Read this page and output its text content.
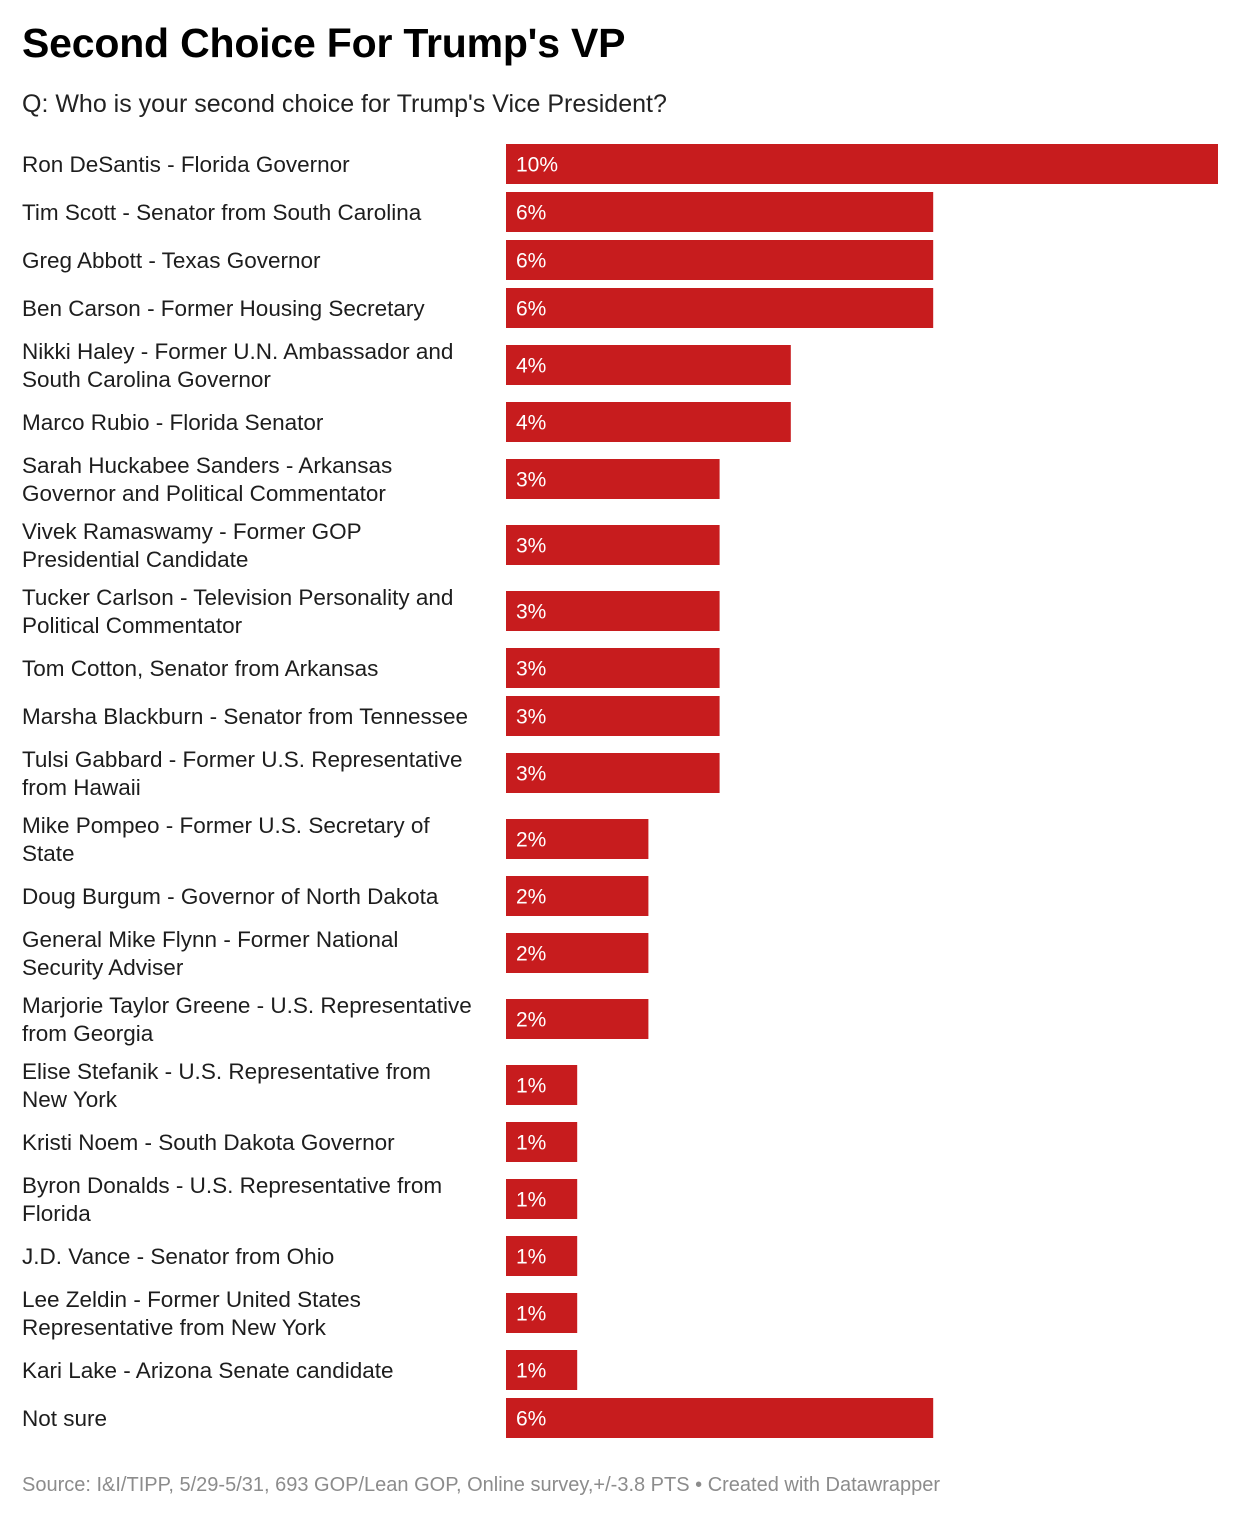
Second Choice For Trump's VP
Q: Who is your second choice for Trump's Vice President?
Ron DeSantis - Florida Governor	10%
Tim Scott - Senator from South Carolina	6%
Greg Abbott - Texas Governor	6%
Ben Carson - Former Housing Secretary	6%
Nikki Haley - Former U.N. Ambassador and South Carolina Governor
4%
Marco Rubio - Florida Senator	4%
Sarah Huckabee Sanders - Arkansas Governor and Political Commentator
3%
Vivek Ramaswamy - Former GOP Presidential Candidate
3%
Tucker Carlson - Television Personality and Political Commentator
3%
Tom Cotton, Senator from Arkansas	3%
Marsha Blackburn - Senator from Tennessee 3%
Tulsi Gabbard - Former U.S. Representative from Hawaii
3%
Mike Pompeo - Former U.S. Secretary of State
2%
Doug Burgum - Governor of North Dakota	2%
General Mike Flynn - Former National Security Adviser
2%
Marjorie Taylor Greene - U.S. Representative from Georgia
2%
Elise Stefanik - U.S. Representative from New York
1%
Kristi Noem - South Dakota Governor	1%
Byron Donalds - U.S. Representative from Florida
1%
J.D. Vance - Senator from Ohio	1%
Lee Zeldin - Former United States Representative from New York
1%
Kari Lake - Arizona Senate candidate	1%
Not sure	6%
Source: I&I/TIPP, 5/29-5/31, 693 GOP/Lean GOP, Online survey,+/-3.8 PTS • Created with Datawrapper
